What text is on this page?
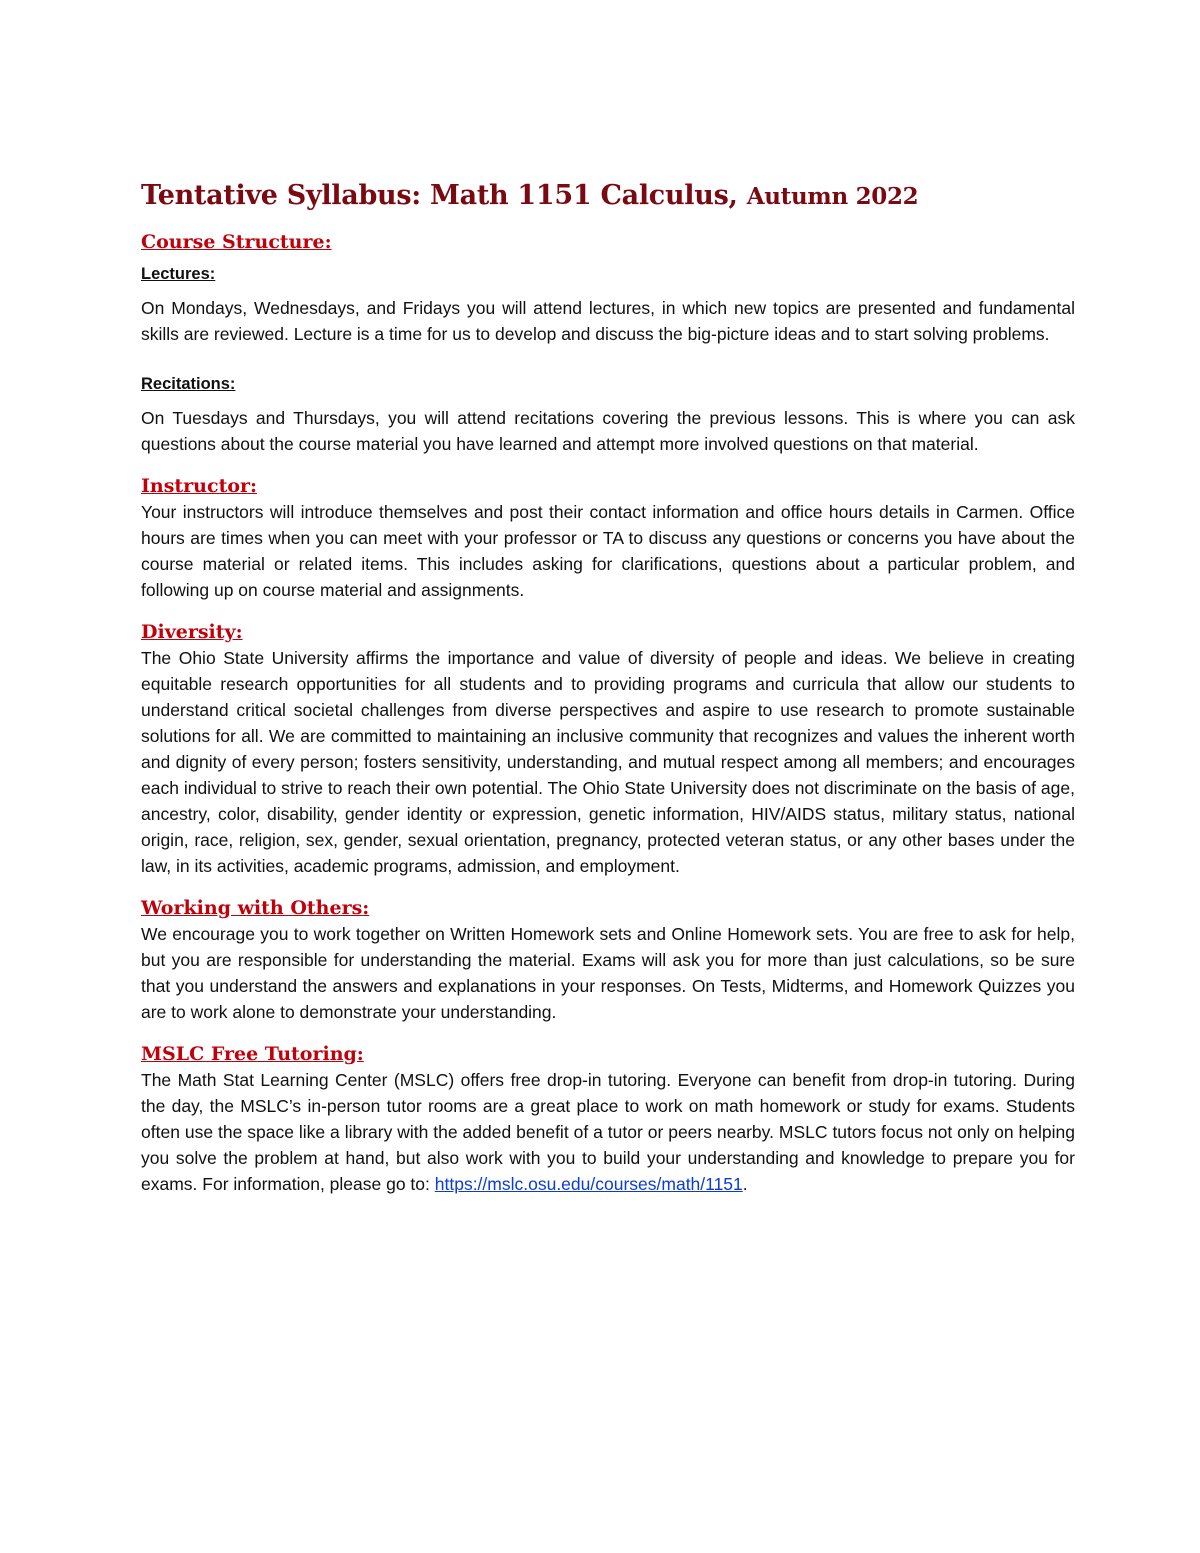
Tentative Syllabus: Math 1151 Calculus, Autumn 2022
Course Structure:
Lectures:

On Mondays, Wednesdays, and Fridays you will attend lectures, in which new topics are presented and fundamental skills are reviewed. Lecture is a time for us to develop and discuss the big-picture ideas and to start solving problems.

Recitations:

On Tuesdays and Thursdays, you will attend recitations covering the previous lessons. This is where you can ask questions about the course material you have learned and attempt more involved questions on that material.

Instructor:

Your instructors will introduce themselves and post their contact information and office hours details in Carmen. Office hours are times when you can meet with your professor or TA to discuss any questions or concerns you have about the course material or related items. This includes asking for clarifications, questions about a particular problem, and following up on course material and assignments.

Diversity:

The Ohio State University affirms the importance and value of diversity of people and ideas. We believe in creating equitable research opportunities for all students and to providing programs and curricula that allow our students to understand critical societal challenges from diverse perspectives and aspire to use research to promote sustainable solutions for all. We are committed to maintaining an inclusive community that recognizes and values the inherent worth and dignity of every person; fosters sensitivity, understanding, and mutual respect among all members; and encourages each individual to strive to reach their own potential. The Ohio State University does not discriminate on the basis of age, ancestry, color, disability, gender identity or expression, genetic information, HIV/AIDS status, military status, national origin, race, religion, sex, gender, sexual orientation, pregnancy, protected veteran status, or any other bases under the law, in its activities, academic programs, admission, and employment.

Working with Others:

We encourage you to work together on Written Homework sets and Online Homework sets. You are free to ask for help, but you are responsible for understanding the material. Exams will ask you for more than just calculations, so be sure that you understand the answers and explanations in your responses. On Tests, Midterms, and Homework Quizzes you are to work alone to demonstrate your understanding.

MSLC Free Tutoring:

The Math Stat Learning Center (MSLC) offers free drop-in tutoring. Everyone can benefit from drop-in tutoring. During the day, the MSLC’s in-person tutor rooms are a great place to work on math homework or study for exams. Students often use the space like a library with the added benefit of a tutor or peers nearby. MSLC tutors focus not only on helping you solve the problem at hand, but also work with you to build your understanding and knowledge to prepare you for exams. For information, please go to: https://mslc.osu.edu/courses/math/1151.
